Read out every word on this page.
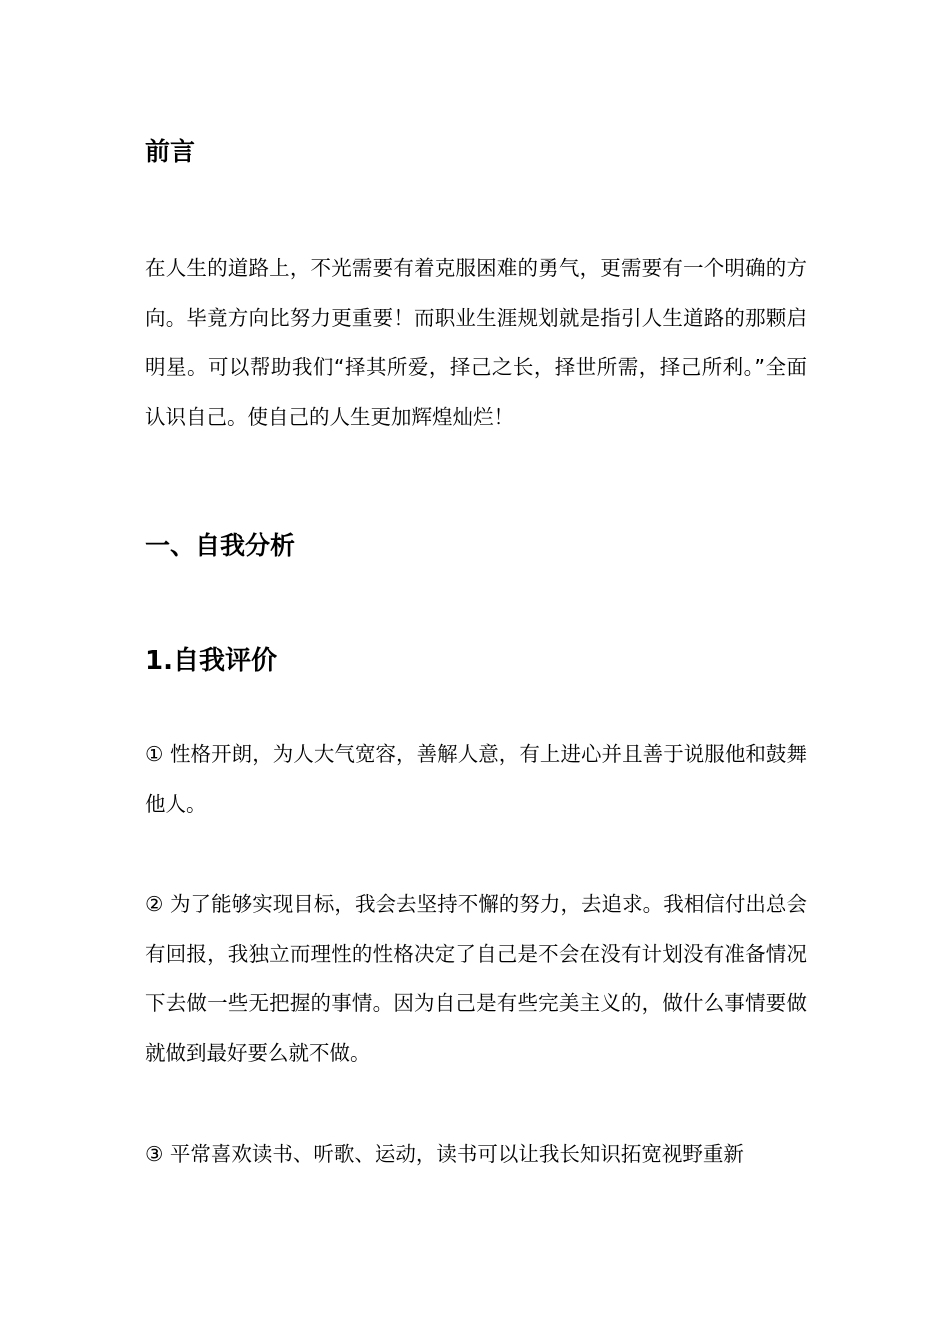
前言

在人生的道路上，不光需要有着克服困难的勇气，更需要有一个明确的方向。毕竟方向比努力更重要！而职业生涯规划就是指引人生道路的那颗启明星。可以帮助我们“择其所爱，择己之长，择世所需，择己所利。”全面认识自己。使自己的人生更加辉煌灿烂！

一、自我分析
1.自我评价

① 性格开朗，为人大气宽容，善解人意，有上进心并且善于说服他和鼓舞他人。

② 为了能够实现目标，我会去坚持不懈的努力，去追求。我相信付出总会有回报，我独立而理性的性格决定了自己是不会在没有计划没有准备情况下去做一些无把握的事情。因为自己是有些完美主义的，做什么事情要做就做到最好要么就不做。

③ 平常喜欢读书、听歌、运动，读书可以让我长知识拓宽视野重新
